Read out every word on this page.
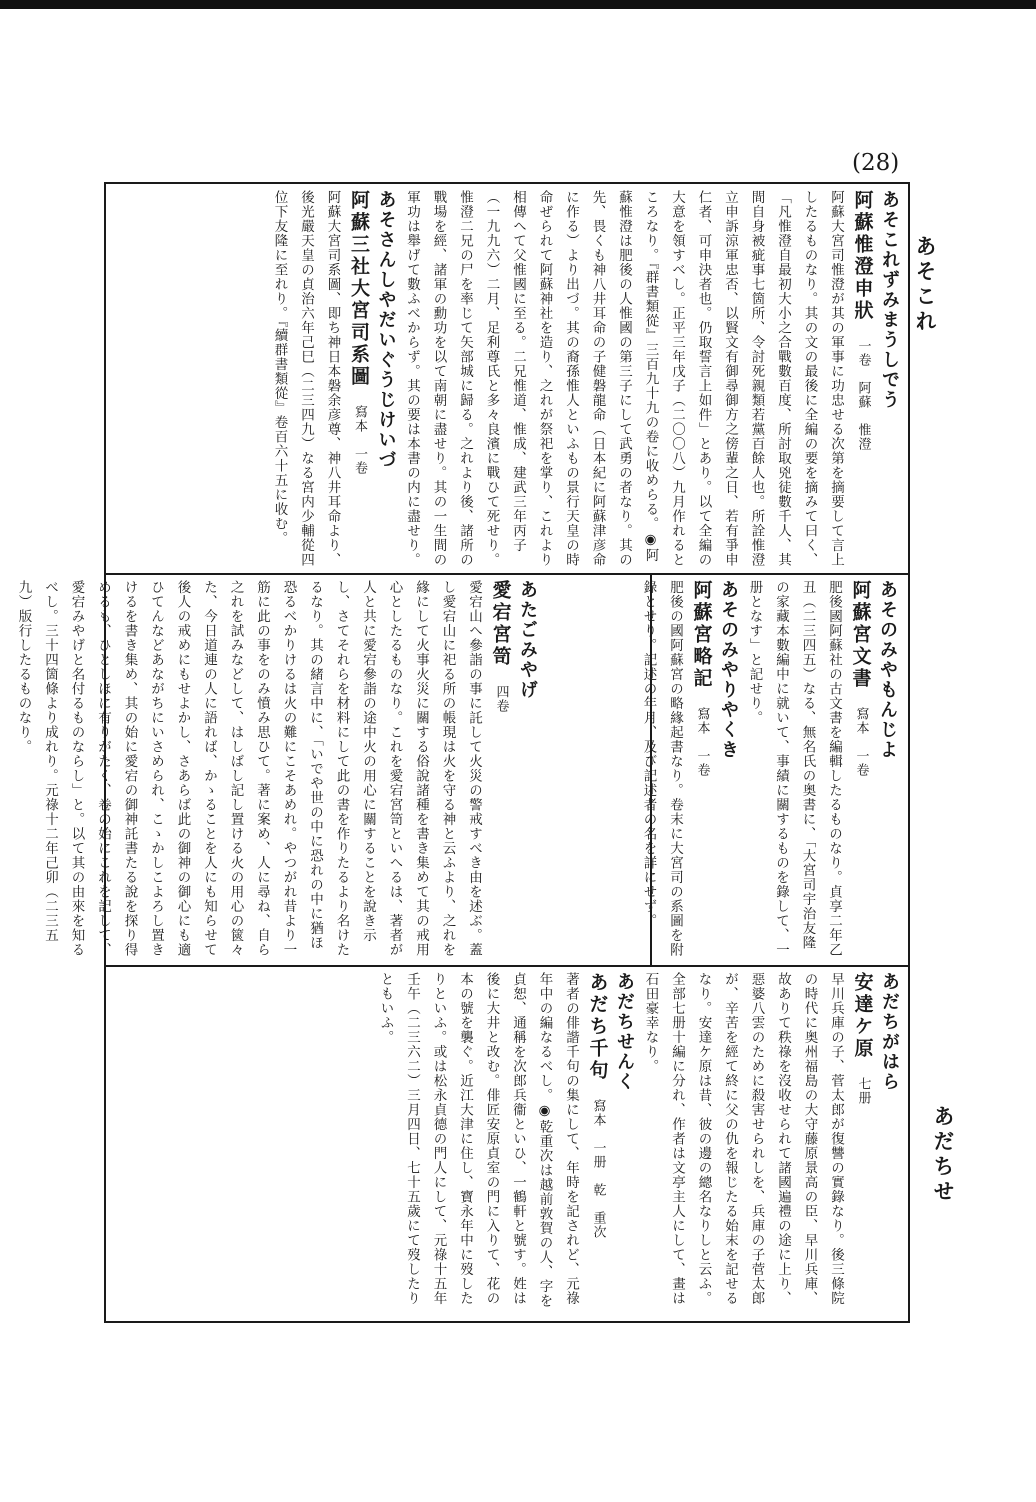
(28)
あそこれ
あだちせ
あそこれずみまうしでう
阿蘇惟澄申狀 一卷　阿蘇　惟澄
阿蘇大宮司惟澄が其の軍事に功忠せる次第を摘要して言上したるものなり。其の文の最後に全編の要を摘みて曰く、「凡惟澄自最初大小之合戰數百度、所討取兇徒數千人、其間自身被疵事七箇所、令討死親類若黨百餘人也。所詮惟澄立申訴涼軍忠否、以賢文有御尋御方之傍輩之日、若有爭申仁者、可申決者也。仍取誓言上如件」とあり。以て全編の大意を領すべし。正平三年戊子（二〇〇八）九月作れるところなり。『群書類從』三百九十九の卷に收めらる。◉阿蘇惟澄は肥後の人惟國の第三子にして武勇の者なり。其の先、畏くも神八井耳命の子健磐龍命（日本紀に阿蘇津彦命に作る）より出づ。其の裔孫惟人といふもの景行天皇の時命ぜられて阿蘇神社を造り、之れが祭祀を掌り、これより相傳へて父惟國に至る。二兄惟道、惟成、建武三年丙子（一九九六）二月、足利尊氏と多々良濱に戰ひて死せり。惟澄二兄の尸を率じて矢部城に歸る。之れより後、諸所の戰場を經、諸軍の勳功を以て南朝に盡せり。其の一生間の軍功は舉げて數ふべからず。其の要は本書の内に盡せり。
あそさんしやだいぐうじけいづ
阿蘇三社大宮司系圖 寫本　一卷
阿蘇大宮司系圖、即ち神日本磐余彦尊、神八井耳命より、後光嚴天皇の貞治六年己巳（二三四九）なる宮内少輔從四位下友隆に至れり。『續群書類從』卷百六十五に收む。
あそのみやもんじよ
阿蘇宮文書 寫本　一卷
肥後國阿蘇社の古文書を編輯したるものなり。貞享二年乙丑（二三四五）なる、無名氏の奥書に、「大宮司宇治友隆の家藏本數編中に就いて、事績に關するものを錄して、一册となす」と記せり。
あそのみやりやくき
阿蘇宮略記 寫本　一卷
肥後の國阿蘇宮の略緣起書なり。卷末に大宮司の系圖を附錄とせり。記述の年月、及び記述者の名を詳にせず。
あたごみやげ
愛宕宮笥 四卷
愛宕山へ參詣の事に託して火災の警戒すべき由を述ぶ。蓋し愛宕山に祀る所の帳現は火を守る神と云ふより、之れを緣にして火事火災に關する俗說諸種を書き集めて其の戒用心としたるものなり。これを愛宕宮笥といへるは、著者が人と共に愛宕參詣の途中火の用心に關することを說き示し、さてそれらを材料にして此の書を作りたるより名けたるなり。其の緒言中に、「いでや世の中に恐れの中に猶ほ恐るべかりけるは火の難にこそあめれ。やつがれ昔より一筋に此の事をのみ憤み思ひて。著に案め、人に尋ね、自ら之れを試みなどして、はしばし記し置ける火の用心の篋々た、今日道連の人に語れば、かゝることを人にも知らせて後人の戒めにもせよかし、さあらば此の御神の御心にも適ひてんなどあながちにいさめられ、こゝかしこよろし置きけるを書き集め、其の始に愛宕の御神託書たる說を探り得めるも、ひとしほに有りがたく、卷の始にこれを記して、愛宕みやげと名付るものならし」と。以て其の由來を知るべし。三十四箇條より成れり。元祿十二年己卯（二三五九）版行したるものなり。
あだちがはら
安達ケ原 七册
早川兵庫の子、菅太郎が復讐の實錄なり。後三條院の時代に奥州福島の大守藤原景高の臣、早川兵庫、故ありて秩祿を沒收せられて諸國遍禮の途に上り、惡婆八雲のために殺害せられしを、兵庫の子菅太郎が、辛苦を經て終に父の仇を報じたる始末を記せるなり。安達ケ原は昔、彼の邊の總名なりしと云ふ。全部七册十編に分れ、作者は文亭主人にして、畫は石田豪幸なり。
あだちせんく
あだち千句 寫本　一册　乾　重次
著者の俳諧千句の集にして、年時を記されど、元祿年中の編なるべし。◉乾重次は越前敦賀の人、字を貞恕、通稱を次郎兵衞といひ、一鶴軒と號す。姓は後に大井と改む。俳匠安原貞室の門に入りて、花の本の號を襲ぐ。近江大津に住し、寶永年中に歿したりといふ。或は松永貞德の門人にして、元祿十五年壬午（二三六二）三月四日、七十五歲にて歿したりともいふ。
